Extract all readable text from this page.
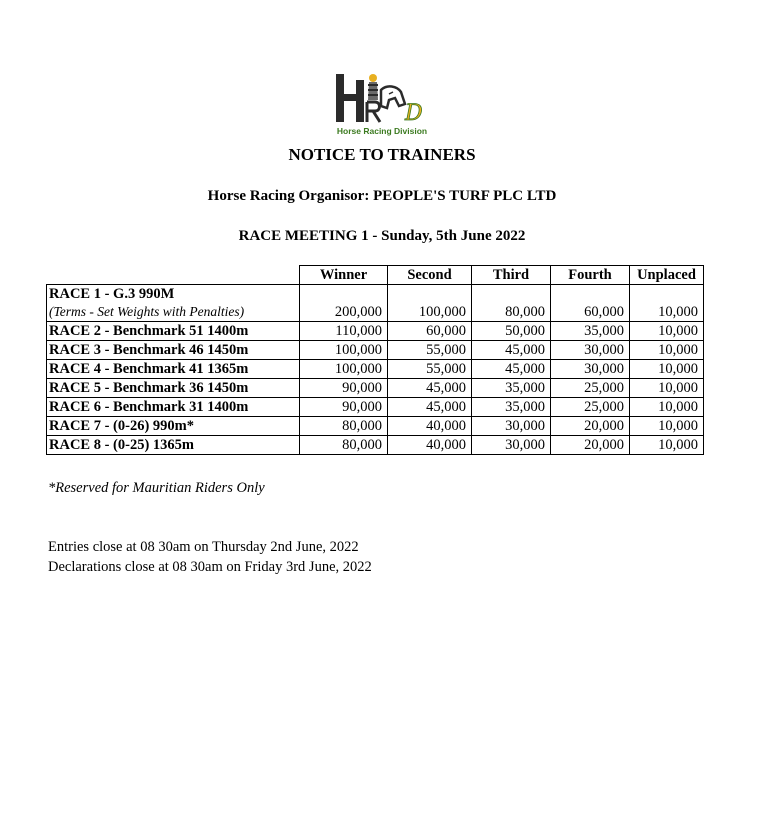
D
Horse Racing Division
NOTICE TO TRAINERS
Horse Racing Organisor: PEOPLE'S TURF PLC LTD
RACE MEETING 1 - Sunday, 5th June 2022
	Winner	Second	Third	Fourth	Unplaced
RACE 1 - G.3 990M					
(Terms - Set Weights with Penalties)	200,000	100,000	80,000	60,000	10,000
RACE 2 - Benchmark 51 1400m	110,000	60,000	50,000	35,000	10,000
RACE 3 - Benchmark 46 1450m	100,000	55,000	45,000	30,000	10,000
RACE 4 - Benchmark 41 1365m	100,000	55,000	45,000	30,000	10,000
RACE 5 - Benchmark 36 1450m	90,000	45,000	35,000	25,000	10,000
RACE 6 - Benchmark 31 1400m	90,000	45,000	35,000	25,000	10,000
RACE 7 - (0-26) 990m*	80,000	40,000	30,000	20,000	10,000
RACE 8 - (0-25) 1365m	80,000	40,000	30,000	20,000	10,000
*Reserved for Mauritian Riders Only
Entries close at 08 30am on Thursday 2nd June, 2022
Declarations close at 08 30am on Friday 3rd June, 2022
